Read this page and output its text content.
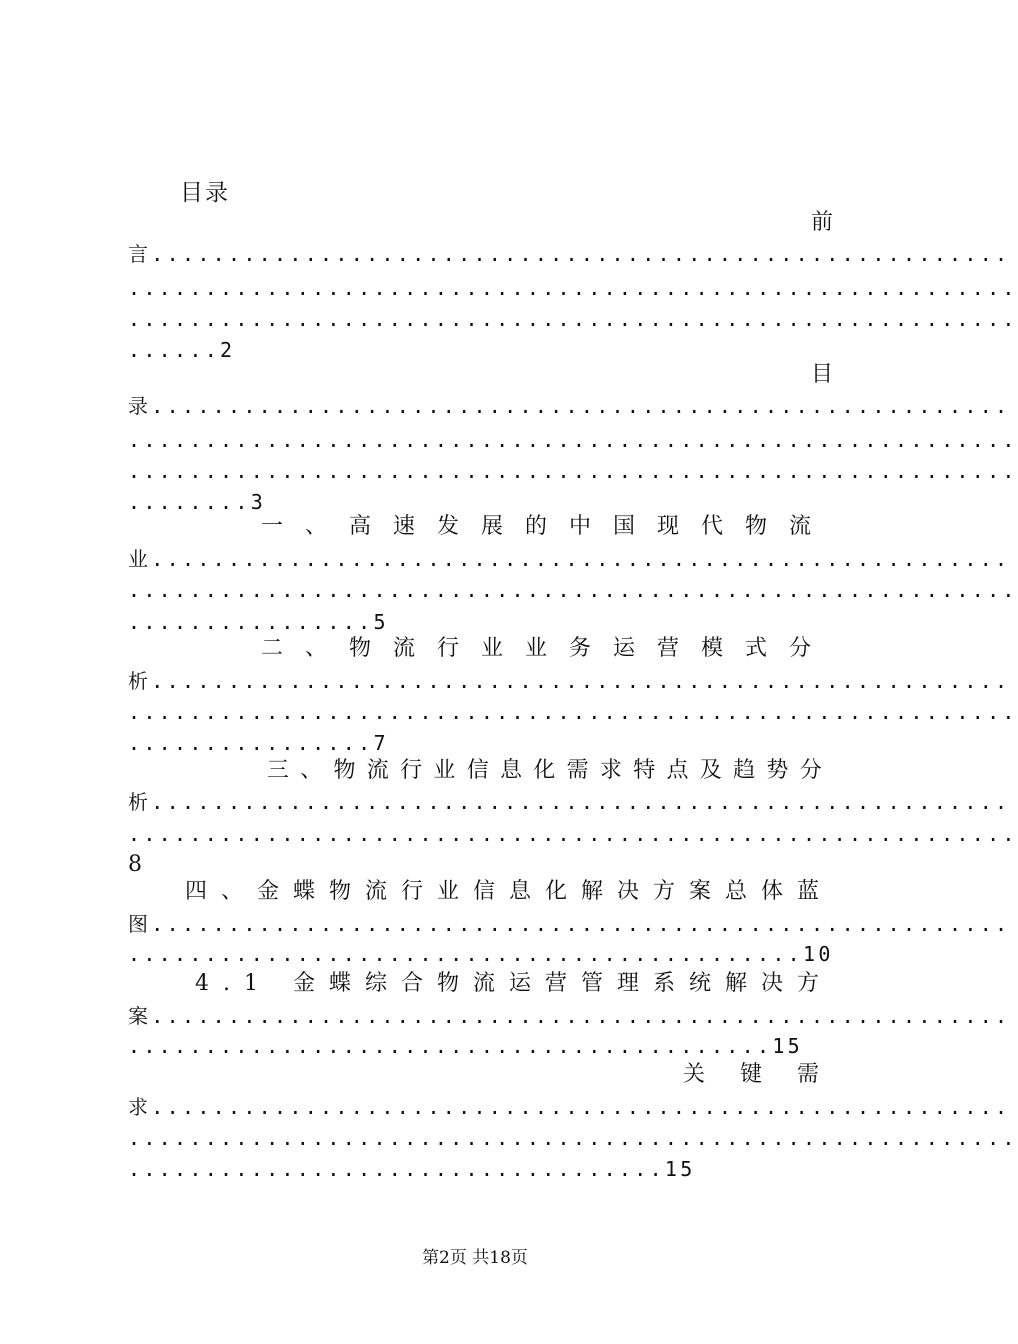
目录
前
言........................................................
..........................................................
..........................................................
......2
目
录........................................................
..........................................................
..........................................................
........3
一、高速发展的中国现代物流
业........................................................
..........................................................
................5
二、物流行业业务运营模式分
析........................................................
..........................................................
................7
三、物流行业信息化需求特点及趋势分
析........................................................
..........................................................
8
四、金蝶物流行业信息化解决方案总体蓝
图........................................................
............................................10
4.1 金蝶综合物流运营管理系统解决方
案........................................................
..........................................15
关 键 需
求........................................................
..........................................................
...................................15
第2页 共18页
